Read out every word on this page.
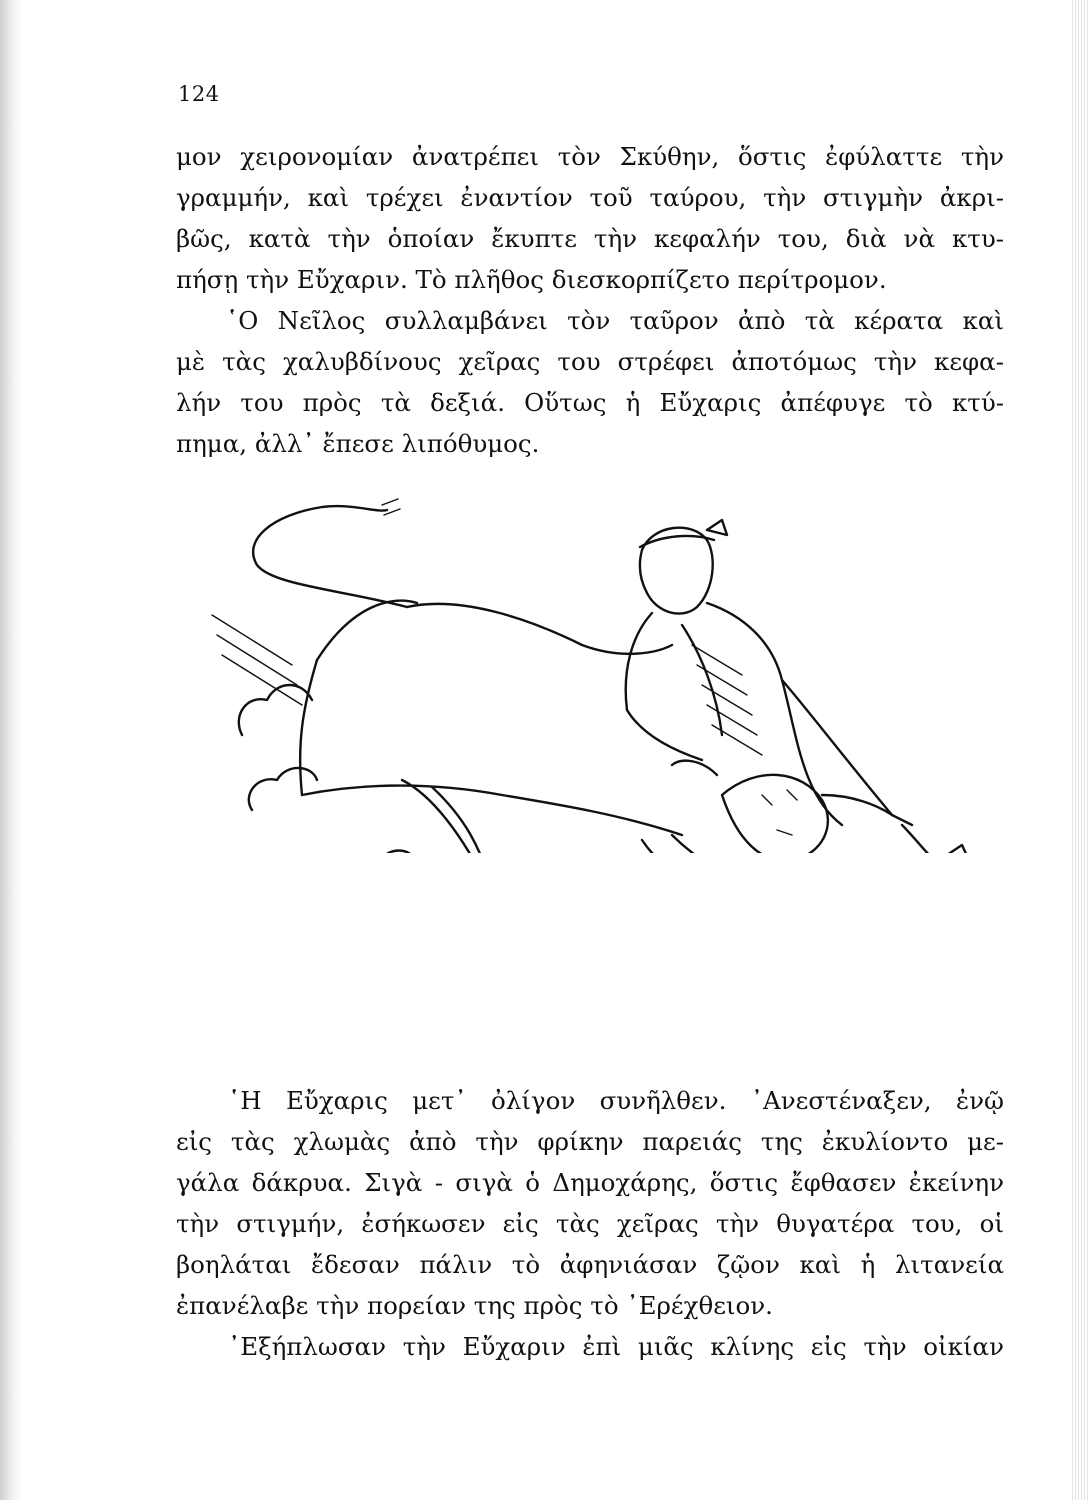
124
μον χειρονομίαν ἀνατρέπει τὸν Σκύθην, ὅστις ἐφύλαττε τὴν
γραμμήν, καὶ τρέχει ἐναντίον τοῦ ταύρου, τὴν στιγμὴν ἀκρι-
βῶς, κατὰ τὴν ὁποίαν ἔκυπτε τὴν κεφαλήν του, διὰ νὰ κτυ-
πήσῃ τὴν Εὔχαριν. Τὸ πλῆθος διεσκορπίζετο περίτρομον.
῾Ο Νεῖλος συλλαμβάνει τὸν ταῦρον ἀπὸ τὰ κέρατα καὶ
μὲ τὰς χαλυβδίνους χεῖρας του στρέφει ἀποτόμως τὴν κεφα-
λήν του πρὸς τὰ δεξιά. Οὕτως ἡ Εὔχαρις ἀπέφυγε τὸ κτύ-
πημα, ἀλλ᾿ ἔπεσε λιπόθυμος.
῾Η Εὔχαρις μετ᾿ ὀλίγον συνῆλθεν. ᾿Ανεστέναξεν, ἐνῷ
εἰς τὰς χλωμὰς ἀπὸ τὴν φρίκην παρειάς της ἐκυλίοντο με-
γάλα δάκρυα. Σιγὰ - σιγὰ ὁ Δημοχάρης, ὅστις ἔφθασεν ἐκείνην
τὴν στιγμήν, ἐσήκωσεν εἰς τὰς χεῖρας τὴν θυγατέρα του, οἱ
βοηλάται ἔδεσαν πάλιν τὸ ἀφηνιάσαν ζῷον καὶ ἡ λιτανεία
ἐπανέλαβε τὴν πορείαν της πρὸς τὸ ᾿Ερέχθειον.
᾿Εξήπλωσαν τὴν Εὔχαριν ἐπὶ μιᾶς κλίνης εἰς τὴν οἰκίαν
